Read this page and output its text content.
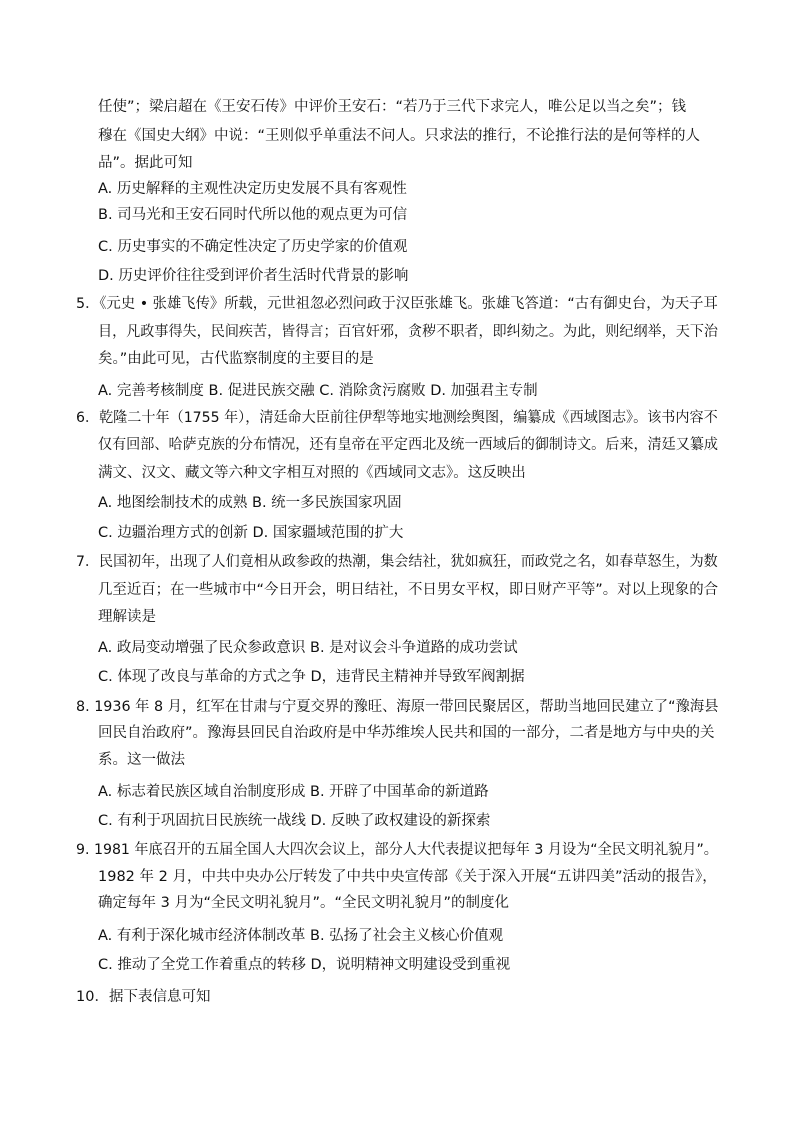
任使”；梁启超在《王安石传》中评价王安石：“若乃于三代下求完人，唯公足以当之矣”；钱
穆在《国史大纲》中说：“王则似乎单重法不问人。只求法的推行，不论推行法的是何等样的人
品”。据此可知
A. 历史解释的主观性决定历史发展不具有客观性
B. 司马光和王安石同时代所以他的观点更为可信
C. 历史事实的不确定性决定了历史学家的价值观
D. 历史评价往往受到评价者生活时代背景的影响
5．《元史 • 张雄飞传》所载，元世祖忽必烈问政于汉臣张雄飞。张雄飞答道：“古有御史台，为天子耳
目，凡政事得失，民间疾苦，皆得言；百官奸邪，贪秽不职者，即纠劾之。为此，则纪纲举，天下治
矣。”由此可见，古代监察制度的主要目的是
A. 完善考核制度 B. 促进民族交融 C. 消除贪污腐败 D. 加强君主专制
6．乾隆二十年（1755 年），清廷命大臣前往伊犁等地实地测绘舆图，编纂成《西域图志》。该书内容不
仅有回部、哈萨克族的分布情况，还有皇帝在平定西北及统一西域后的御制诗文。后来，清廷又纂成
满文、汉文、藏文等六种文字相互对照的《西域同文志》。这反映出
A. 地图绘制技术的成熟 B. 统一多民族国家巩固
C. 边疆治理方式的创新 D. 国家疆域范围的扩大
7．民国初年，出现了人们竟相从政参政的热潮，集会结社，犹如疯狂，而政党之名，如春草怒生，为数
几至近百；在一些城市中“今日开会，明日结社，不日男女平权，即日财产平等”。对以上现象的合
理解读是
A. 政局变动增强了民众参政意识 B. 是对议会斗争道路的成功尝试
C. 体现了改良与革命的方式之争 D，违背民主精神并导致军阀割据
8. 1936 年 8 月，红军在甘肃与宁夏交界的豫旺、海原一带回民聚居区，帮助当地回民建立了“豫海县
回民自治政府”。豫海县回民自治政府是中华苏维埃人民共和国的一部分，二者是地方与中央的关
系。这一做法
A. 标志着民族区域自治制度形成 B. 开辟了中国革命的新道路
C. 有利于巩固抗日民族统一战线 D. 反映了政权建设的新探索
9. 1981 年底召开的五届全国人大四次会议上，部分人大代表提议把每年 3 月设为“全民文明礼貌月”。
1982 年 2 月，中共中央办公厅转发了中共中央宣传部《关于深入开展“五讲四美”活动的报告》，
确定每年 3 月为“全民文明礼貌月”。“全民文明礼貌月”的制度化
A. 有利于深化城市经济体制改革 B. 弘扬了社会主义核心价值观
C. 推动了全党工作着重点的转移 D，说明精神文明建设受到重视
10．据下表信息可知
